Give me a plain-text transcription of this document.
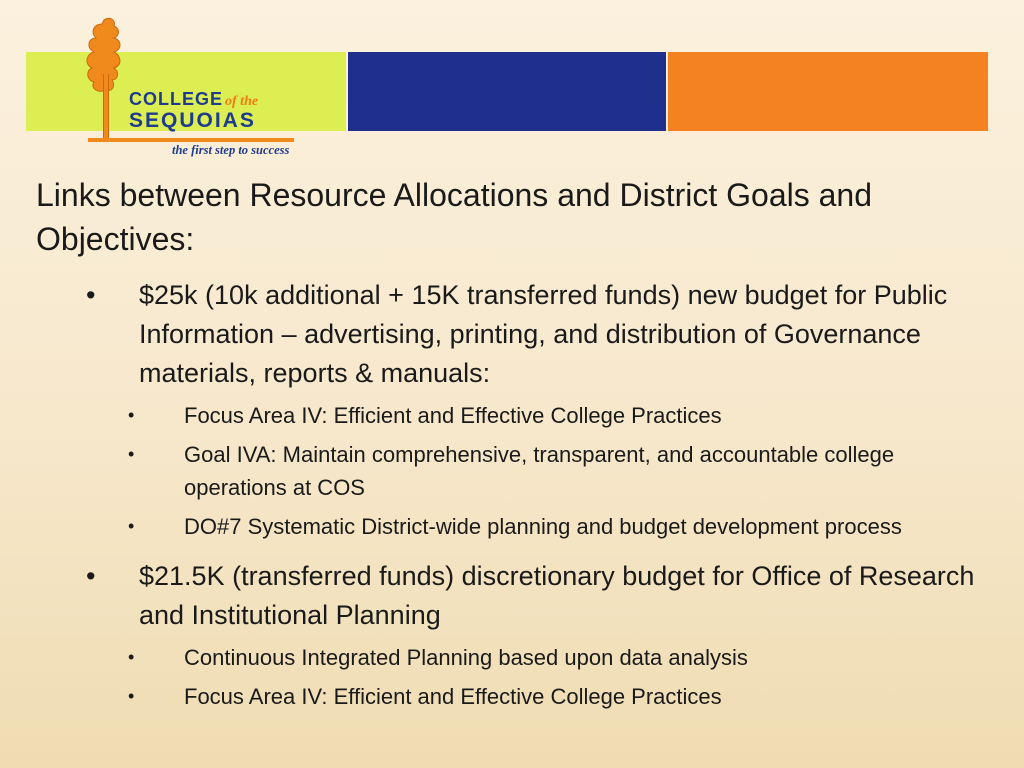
COLLEGE of the
SEQUOIAS
the first step to success
Links between Resource Allocations and District Goals and Objectives:
• $25k (10k additional + 15K transferred funds) new budget for Public Information – advertising, printing, and distribution of Governance materials, reports & manuals:
• Focus Area IV: Efficient and Effective College Practices
• Goal IVA: Maintain comprehensive, transparent, and accountable college operations at COS
• DO#7 Systematic District-wide planning and budget development process
• $21.5K (transferred funds) discretionary budget for Office of Research and Institutional Planning
• Continuous Integrated Planning based upon data analysis
• Focus Area IV: Efficient and Effective College Practices
